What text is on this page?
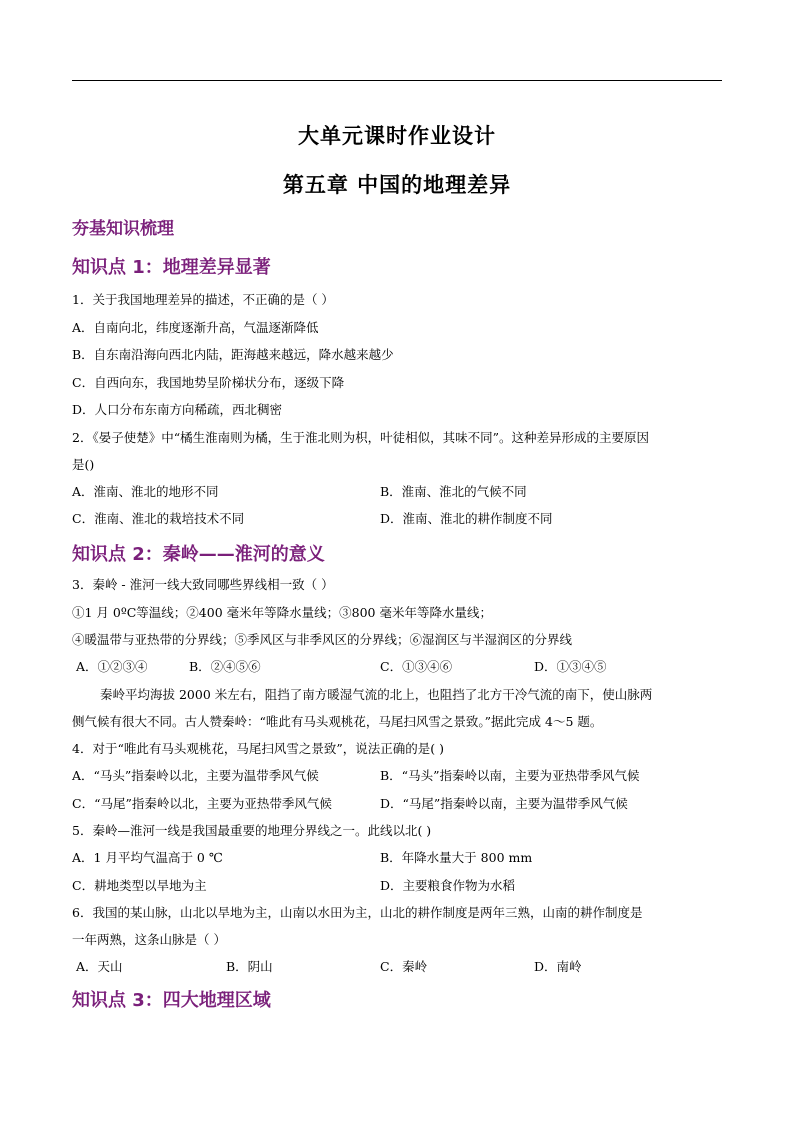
大单元课时作业设计
第五章 中国的地理差异
夯基知识梳理
知识点 1：地理差异显著
1．关于我国地理差异的描述，不正确的是（ ）
A．自南向北，纬度逐渐升高，气温逐渐降低
B．自东南沿海向西北内陆，距海越来越远，降水越来越少
C．自西向东，我国地势呈阶梯状分布，逐级下降
D．人口分布东南方向稀疏，西北稠密
2．《晏子使楚》中“橘生淮南则为橘，生于淮北则为枳，叶徒相似，其味不同”。这种差异形成的主要原因
是()
A．淮南、淮北的地形不同	B．淮南、淮北的气候不同
C．淮南、淮北的栽培技术不同	D．淮南、淮北的耕作制度不同
知识点 2：秦岭——淮河的意义
3．秦岭 - 淮河一线大致同哪些界线相一致（ ）
①1 月 0ºC等温线；②400 毫米年等降水量线；③800 毫米年等降水量线；
④暖温带与亚热带的分界线；⑤季风区与非季风区的分界线；⑥湿润区与半湿润区的分界线
A．①②③④	B．②④⑤⑥	C．①③④⑥	D．①③④⑤
秦岭平均海拔 2000 米左右，阻挡了南方暖湿气流的北上，也阻挡了北方干冷气流的南下，使山脉两
侧气候有很大不同。古人赞秦岭：“唯此有马头观桃花，马尾扫风雪之景致。”据此完成 4～5 题。
4．对于“唯此有马头观桃花，马尾扫风雪之景致”，说法正确的是( )
A．“马头”指秦岭以北，主要为温带季风气候	B．“马头”指秦岭以南，主要为亚热带季风气候
C．“马尾”指秦岭以北，主要为亚热带季风气候	D．“马尾”指秦岭以南，主要为温带季风气候
5．秦岭—淮河一线是我国最重要的地理分界线之一。此线以北( )
A．1 月平均气温高于 0 ℃	B．年降水量大于 800 mm
C．耕地类型以旱地为主	D．主要粮食作物为水稻
6．我国的某山脉，山北以旱地为主，山南以水田为主，山北的耕作制度是两年三熟，山南的耕作制度是
一年两熟，这条山脉是（ ）
A．天山	B．阴山	C．秦岭	D．南岭
知识点 3：四大地理区域
